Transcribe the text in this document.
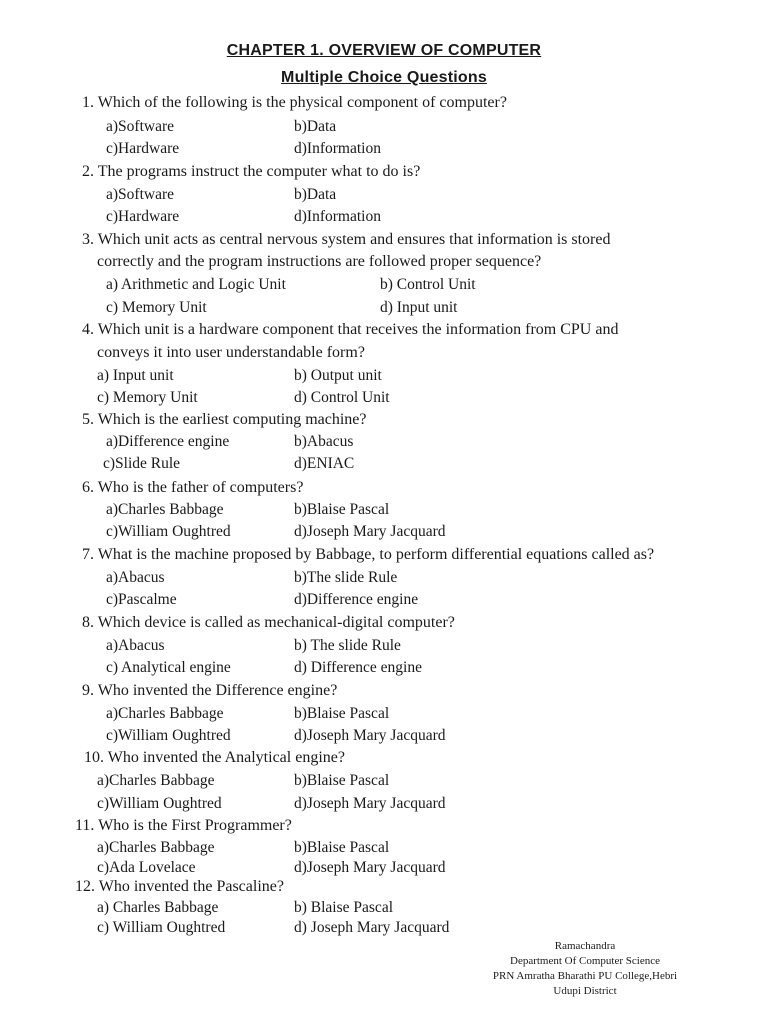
CHAPTER 1. OVERVIEW OF COMPUTER
Multiple Choice Questions
1. Which of the following is the physical component of computer?
a)Software	b)Data
c)Hardware	d)Information
2. The programs instruct the computer what to do is?
a)Software	b)Data
c)Hardware	d)Information
3. Which unit acts as central nervous system and ensures that information is stored
correctly and the program instructions are followed proper sequence?
a) Arithmetic and Logic Unit	b) Control Unit
c) Memory Unit	d) Input unit
4. Which unit is a hardware component that receives the information from CPU and
conveys it into user understandable form?
a) Input unit	b) Output unit
c) Memory Unit	d) Control Unit
5. Which is the earliest computing machine?
a)Difference engine	b)Abacus
c)Slide Rule	d)ENIAC
6. Who is the father of computers?
a)Charles Babbage	b)Blaise Pascal
c)William Oughtred	d)Joseph Mary Jacquard
7. What is the machine proposed by Babbage, to perform differential equations called as?
a)Abacus	b)The slide Rule
c)Pascalme	d)Difference engine
8. Which device is called as mechanical-digital computer?
a)Abacus	b) The slide Rule
c) Analytical engine	d) Difference engine
9. Who invented the Difference engine?
a)Charles Babbage	b)Blaise Pascal
c)William Oughtred	d)Joseph Mary Jacquard
10. Who invented the Analytical engine?
a)Charles Babbage	b)Blaise Pascal
c)William Oughtred	d)Joseph Mary Jacquard
11. Who is the First Programmer?
a)Charles Babbage	b)Blaise Pascal
c)Ada Lovelace	d)Joseph Mary Jacquard
12. Who invented the Pascaline?
a) Charles Babbage	b) Blaise Pascal
c) William Oughtred	d) Joseph Mary Jacquard
Ramachandra
Department Of Computer Science
PRN Amratha Bharathi PU College,Hebri
Udupi District
